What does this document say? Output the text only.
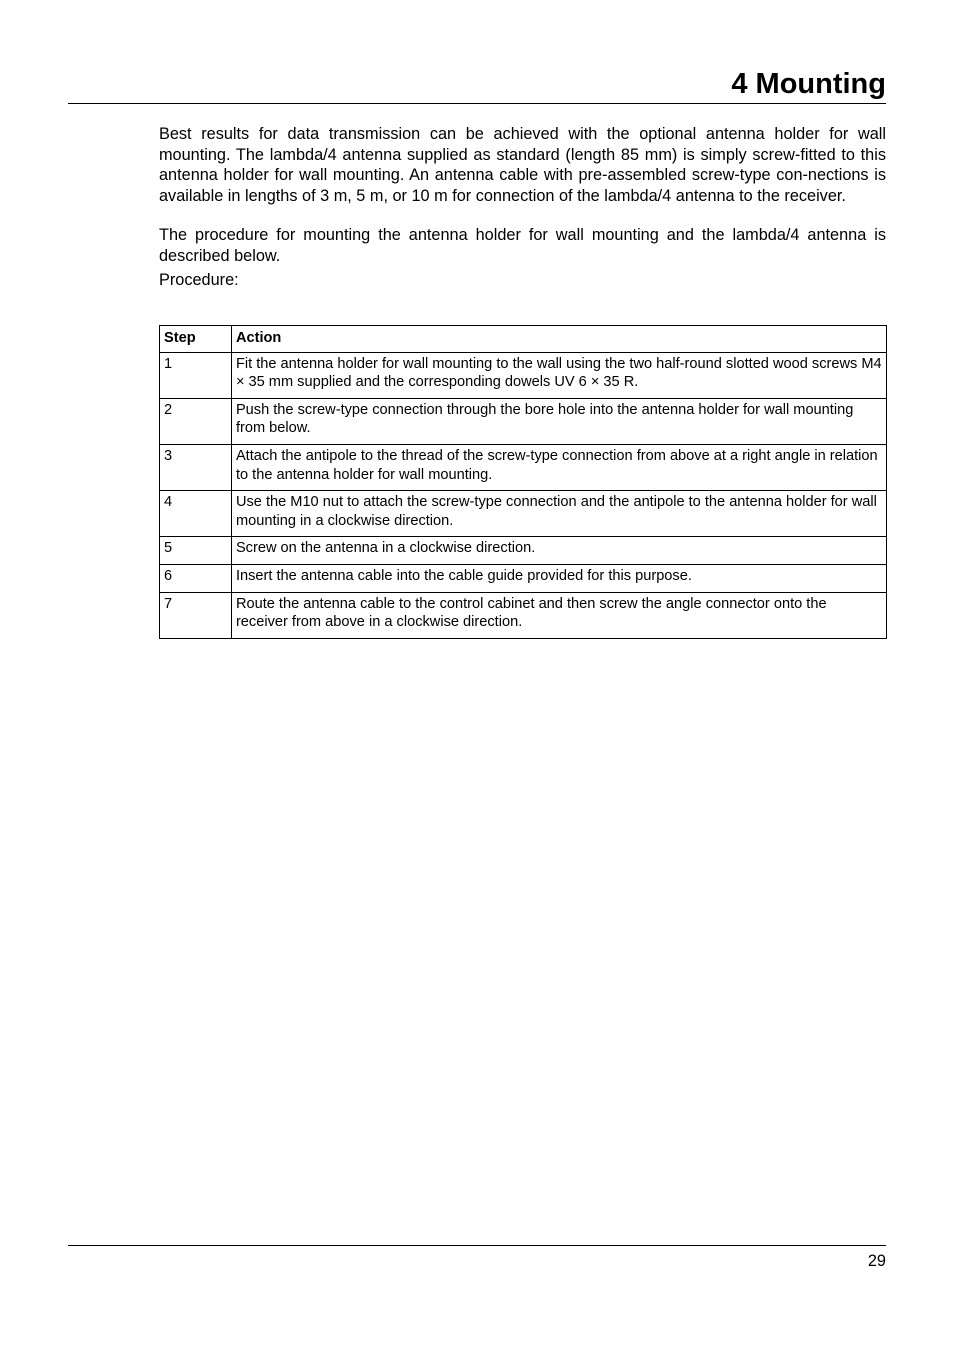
4 Mounting

Best results for data transmission can be achieved with the optional antenna holder for wall mounting. The lambda/4 antenna supplied as standard (length 85 mm) is simply screw-fitted to this antenna holder for wall mounting. An antenna cable with pre-assembled screw-type con-nections is available in lengths of 3 m, 5 m, or 10 m for connection of the lambda/4 antenna to the receiver.

The procedure for mounting the antenna holder for wall mounting and the lambda/4 antenna is described below.

Procedure:

Step	Action
1	Fit the antenna holder for wall mounting to the wall using the two half-round slotted wood screws M4 × 35 mm supplied and the corresponding dowels UV 6 × 35 R.
2	Push the screw-type connection through the bore hole into the antenna holder for wall mounting from below.
3	Attach the antipole to the thread of the screw-type connection from above at a right angle in relation to the antenna holder for wall mounting.
4	Use the M10 nut to attach the screw-type connection and the antipole to the antenna holder for wall mounting in a clockwise direction.
5	Screw on the antenna in a clockwise direction.
6	Insert the antenna cable into the cable guide provided for this purpose.
7	Route the antenna cable to the control cabinet and then screw the angle connector onto the receiver from above in a clockwise direction.
29
